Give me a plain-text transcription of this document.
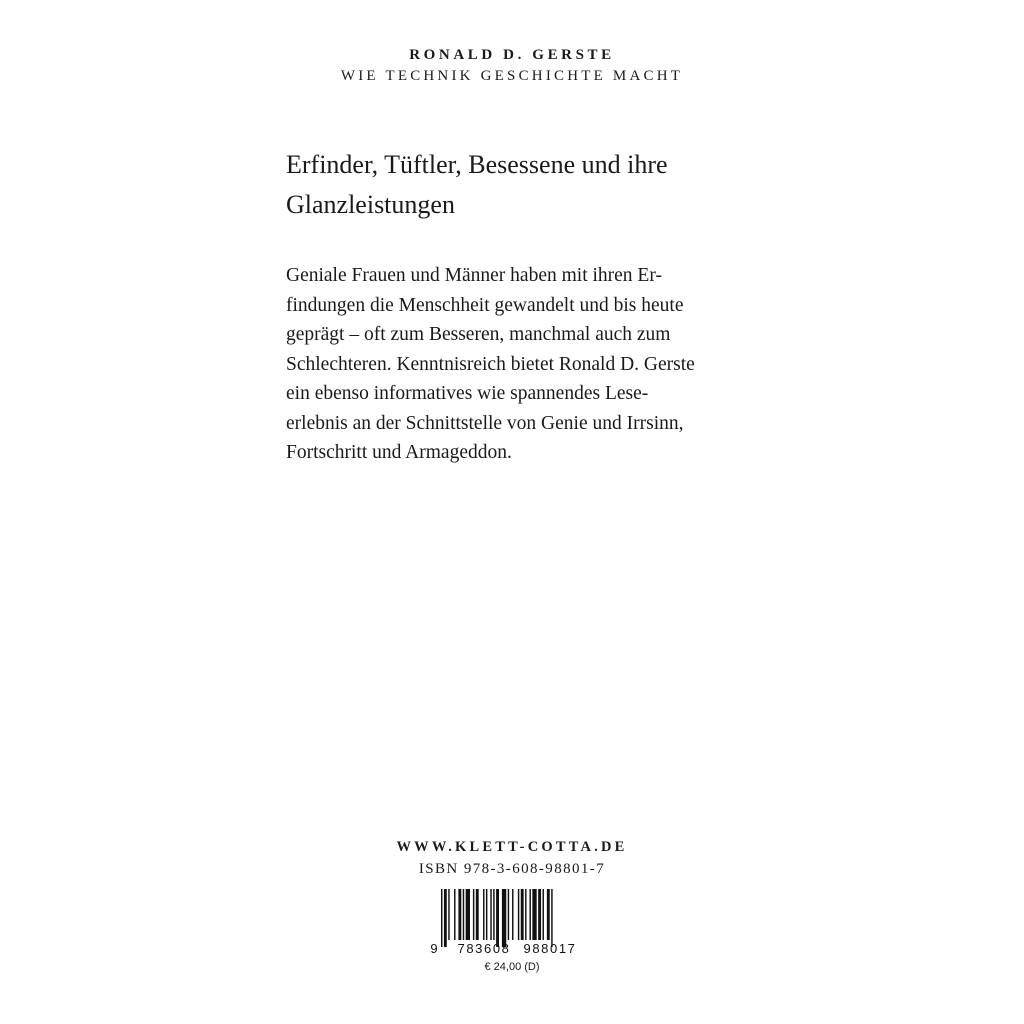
RONALD D. GERSTE
WIE TECHNIK GESCHICHTE MACHT
Erfinder, Tüftler, Besessene und ihre
Glanzleistungen
Geniale Frauen und Männer haben mit ihren Er-
findungen die Menschheit gewandelt und bis heute
geprägt – oft zum Besseren, manchmal auch zum
Schlechteren. Kenntnisreich bietet Ronald D. Gerste
ein ebenso informatives wie spannendes Lese-
erlebnis an der Schnittstelle von Genie und Irrsinn,
Fortschritt und Armageddon.
WWW.KLETT-COTTA.DE
ISBN 978-3-608-98801-7
9 783608 988017
€ 24,00 (D)
